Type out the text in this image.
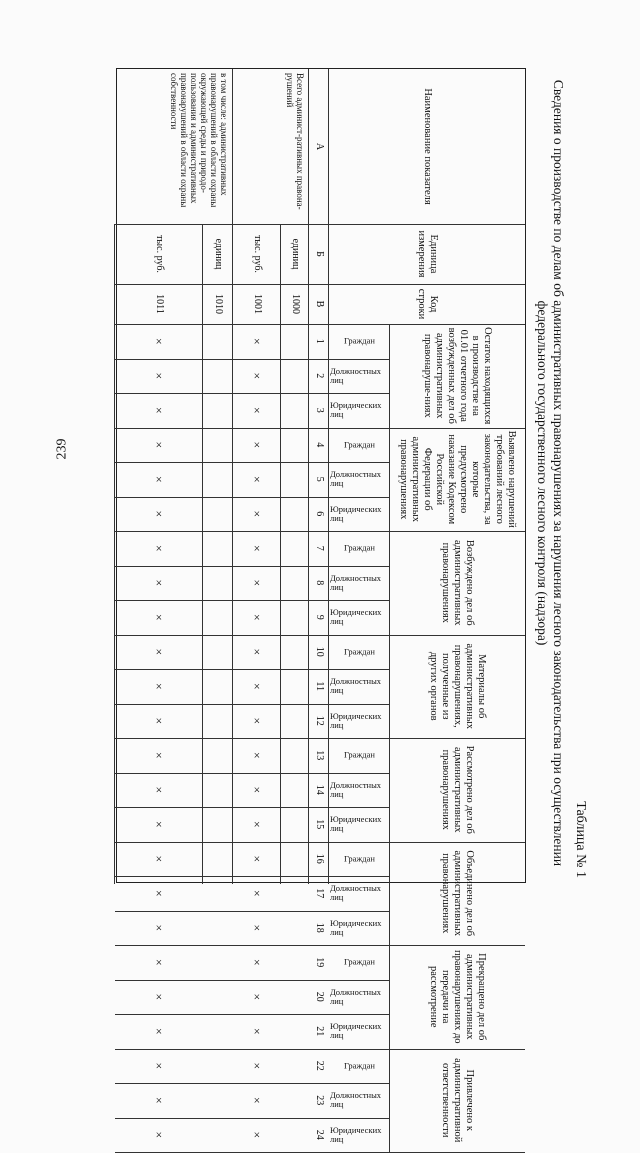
239
Таблица № 1
Сведения о производстве по делам об административных правонарушениях за нарушения лесного законодательства при осуществлении федерального государственного лесного контроля (надзора)
Наименование показателя
Единица измерения
Код строки
А
Б
В
Остаток находящихся в производстве на 01.01 отчетного года возбужденных дел об административных правонаруше-ниях
Граждан
Должностных лиц
Юридических лиц
Выявлено нарушений требований лесного законодательства, за которые предусмотрено наказание Кодексом Российской Федерации об административных правонарушениях
Граждан
Должностных лиц
Юридических лиц
Возбуждено дел об административных правонарушениях
Граждан
Должностных лиц
Юридических лиц
Материалы об административных правонарушениях, полученные из других органов
Граждан
Должностных лиц
Юридических лиц
Рассмотрено дел об административных правонарушениях
Граждан
Должностных лиц
Юридических лиц
Объединено дел об административных правонарушениях
Граждан
Должностных лиц
Юридических лиц
Прекращено дел об административных правонарушениях до передачи на рассмотрение
Граждан
Должностных лиц
Юридических лиц
Привлечено к административной ответственности
Граждан
Должностных лиц
Юридических лиц
1
2
3
4
5
6
7
8
9
10
11
12
13
14
15
16
17
18
19
20
21
22
23
24
единиц
1000
тыс. руб.
1001
×
×
×
×
×
×
×
×
×
×
×
×
×
×
×
×
×
×
×
×
×
×
×
×
единиц
1010
тыс. руб.
1011
×
×
×
×
×
×
×
×
×
×
×
×
×
×
×
×
×
×
×
×
×
×
×
×
Всего админист-ративных правона-рушений
в том числе: административных правонарушений в области охраны окружающей среды и природо-пользования и административных правонарушений в области охраны собственности
